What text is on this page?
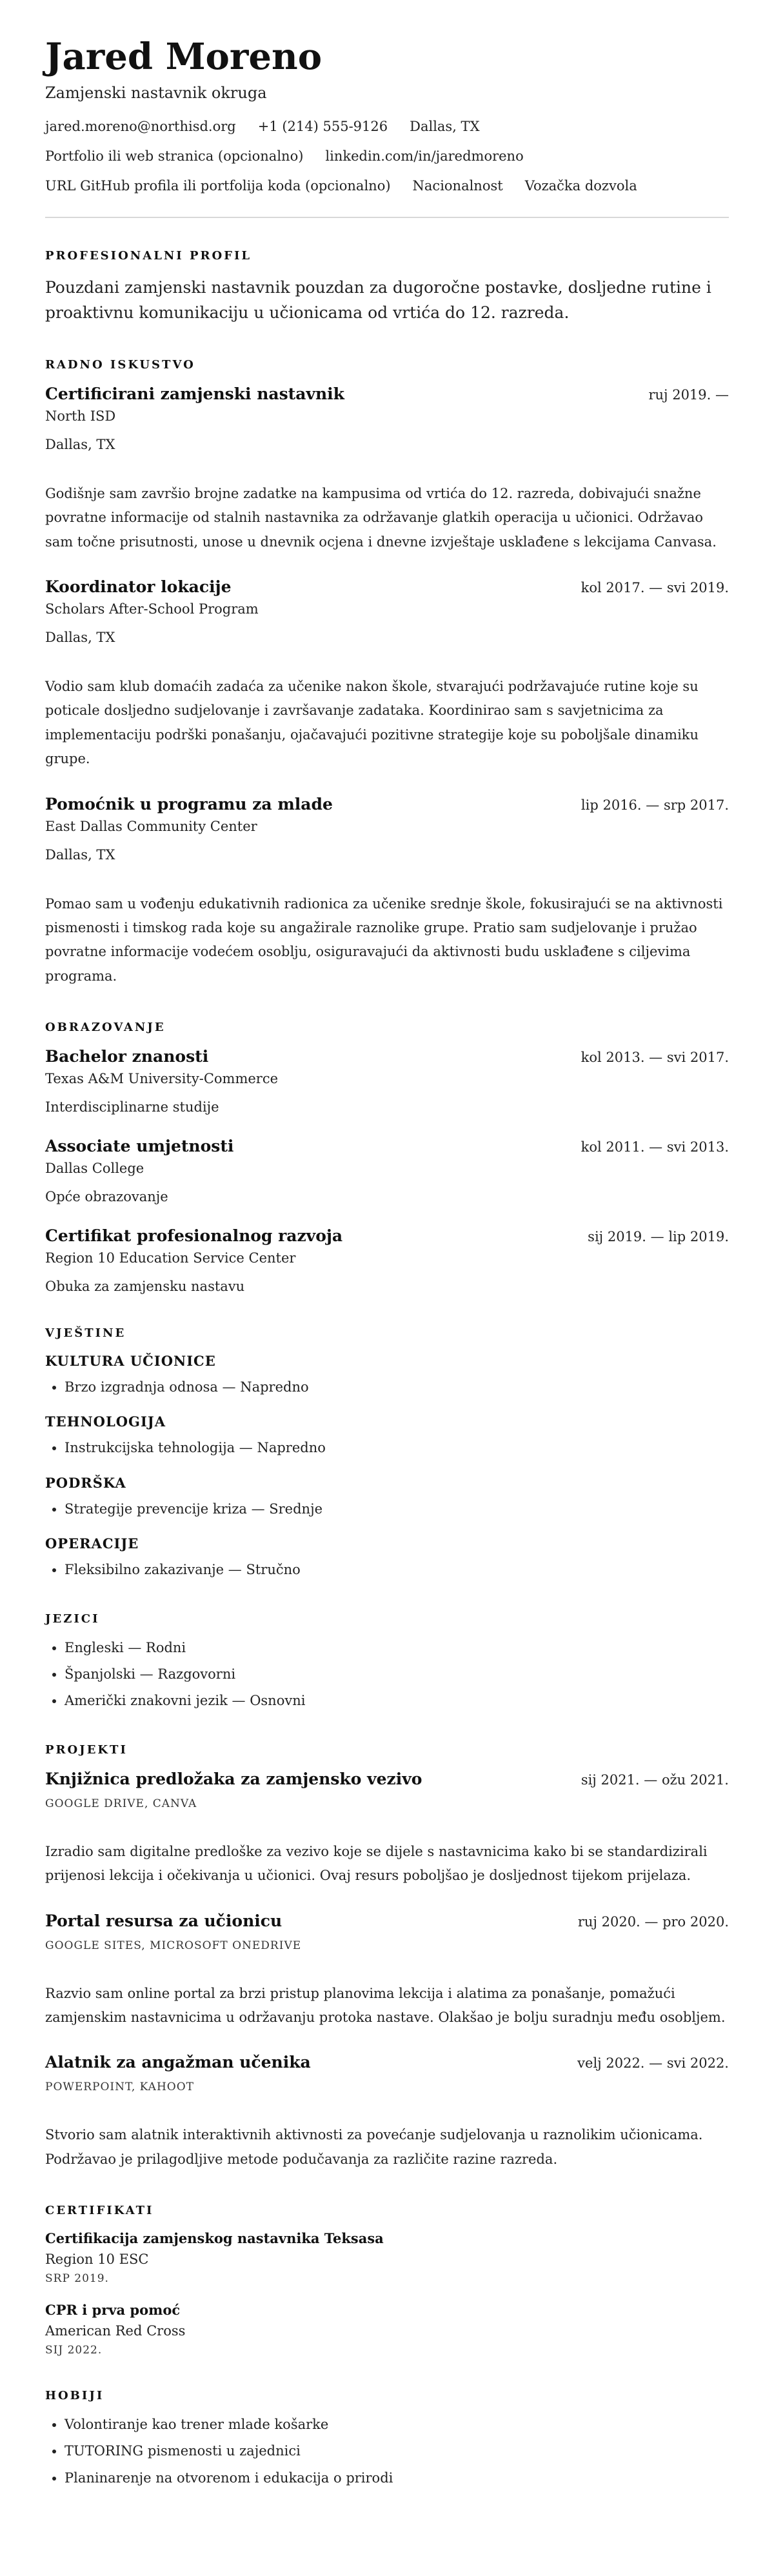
Jared Moreno
Zamjenski nastavnik okruga
jared.moreno@northisd.org +1 (214) 555-9126 Dallas, TX
Portfolio ili web stranica (opcionalno) linkedin.com/in/jaredmoreno
URL GitHub profila ili portfolija koda (opcionalno) Nacionalnost Vozačka dozvola
PROFESIONALNI PROFIL
Pouzdani zamjenski nastavnik pouzdan za dugoročne postavke, dosljedne rutine i proaktivnu komunikaciju u učionicama od vrtića do 12. razreda.
RADNO ISKUSTVO
Certificirani zamjenski nastavnik	ruj 2019. —
North ISD
Dallas, TX
Godišnje sam završio brojne zadatke na kampusima od vrtića do 12. razreda, dobivajući snažne povratne informacije od stalnih nastavnika za održavanje glatkih operacija u učionici. Održavao sam točne prisutnosti, unose u dnevnik ocjena i dnevne izvještaje usklađene s lekcijama Canvasa.
Koordinator lokacije	kol 2017. — svi 2019.
Scholars After-School Program
Dallas, TX
Vodio sam klub domaćih zadaća za učenike nakon škole, stvarajući podržavajuće rutine koje su poticale dosljedno sudjelovanje i završavanje zadataka. Koordinirao sam s savjetnicima za implementaciju podrški ponašanju, ojačavajući pozitivne strategije koje su poboljšale dinamiku grupe.
Pomoćnik u programu za mlade	lip 2016. — srp 2017.
East Dallas Community Center
Dallas, TX
Pomao sam u vođenju edukativnih radionica za učenike srednje škole, fokusirajući se na aktivnosti pismenosti i timskog rada koje su angažirale raznolike grupe. Pratio sam sudjelovanje i pružao povratne informacije vodećem osoblju, osiguravajući da aktivnosti budu usklađene s ciljevima programa.
OBRAZOVANJE
Bachelor znanosti	kol 2013. — svi 2017.
Texas A&M University-Commerce
Interdisciplinarne studije
Associate umjetnosti	kol 2011. — svi 2013.
Dallas College
Opće obrazovanje
Certifikat profesionalnog razvoja	sij 2019. — lip 2019.
Region 10 Education Service Center
Obuka za zamjensku nastavu
VJEŠTINE
KULTURA UČIONICE
• Brzo izgradnja odnosa — Napredno
TEHNOLOGIJA
• Instrukcijska tehnologija — Napredno
PODRŠKA
• Strategije prevencije kriza — Srednje
OPERACIJE
• Fleksibilno zakazivanje — Stručno
JEZICI
• Engleski — Rodni
• Španjolski — Razgovorni
• Američki znakovni jezik — Osnovni
PROJEKTI
Knjižnica predložaka za zamjensko vezivo	sij 2021. — ožu 2021.
GOOGLE DRIVE, CANVA
Izradio sam digitalne predloške za vezivo koje se dijele s nastavnicima kako bi se standardizirali prijenosi lekcija i očekivanja u učionici. Ovaj resurs poboljšao je dosljednost tijekom prijelaza.
Portal resursa za učionicu	ruj 2020. — pro 2020.
GOOGLE SITES, MICROSOFT ONEDRIVE
Razvio sam online portal za brzi pristup planovima lekcija i alatima za ponašanje, pomažući zamjenskim nastavnicima u održavanju protoka nastave. Olakšao je bolju suradnju među osobljem.
Alatnik za angažman učenika	velj 2022. — svi 2022.
POWERPOINT, KAHOOT
Stvorio sam alatnik interaktivnih aktivnosti za povećanje sudjelovanja u raznolikim učionicama. Podržavao je prilagodljive metode podučavanja za različite razine razreda.
CERTIFIKATI
Certifikacija zamjenskog nastavnika Teksasa
Region 10 ESC
SRP 2019.
CPR i prva pomoć
American Red Cross
SIJ 2022.
HOBIJI
• Volontiranje kao trener mlade košarke
• TUTORING pismenosti u zajednici
• Planinarenje na otvorenom i edukacija o prirodi
